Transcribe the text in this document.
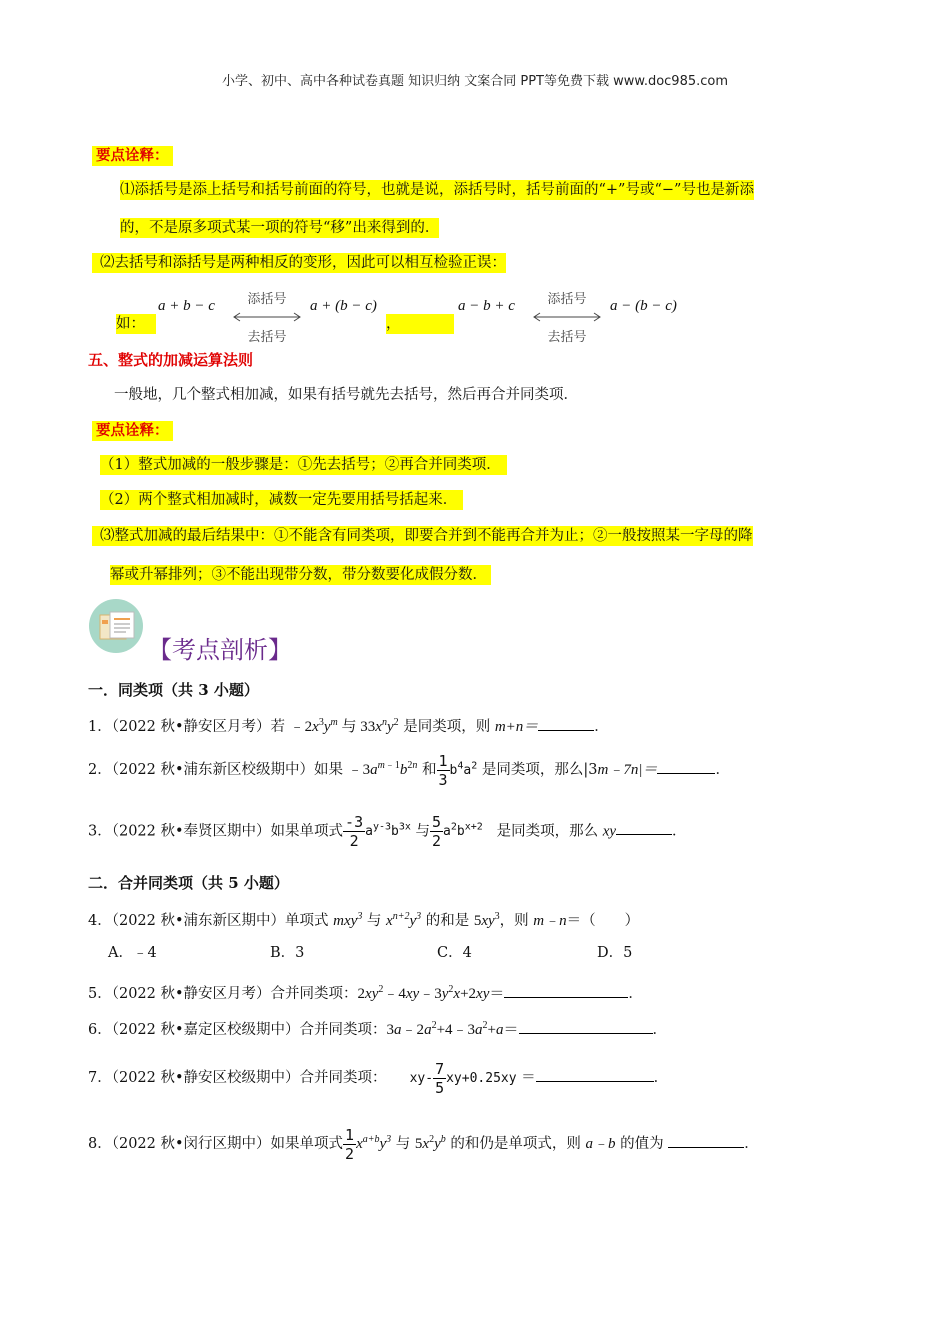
小学、初中、高中各种试卷真题 知识归纳 文案合同 PPT等免费下载 www.doc985.com
要点诠释：
⑴添括号是添上括号和括号前面的符号，也就是说，添括号时，括号前面的“+”号或“−”号也是新添
的，不是原多项式某一项的符号“移”出来得到的．
⑵去括号和添括号是两种相反的变形，因此可以相互检验正误：
如：
a + b − c	添括号
去括号
a + (b − c)
，
a − b + c	添括号
去括号
a − (b − c)
五、整式的加减运算法则
一般地，几个整式相加减，如果有括号就先去括号，然后再合并同类项．
要点诠释：
（1）整式加减的一般步骤是：①先去括号；②再合并同类项．
（2）两个整式相加减时，减数一定先要用括号括起来．
⑶整式加减的最后结果中：①不能含有同类项，即要合并到不能再合并为止；②一般按照某一字母的降
幂或升幂排列；③不能出现带分数，带分数要化成假分数．
【考点剖析】
一．同类项（共 3 小题）
1．（2022 秋•静安区月考）若 $﹣2x^3y^m$ 与 $33x^ny^2$ 是同类项，则 m+n＝	．
2．（2022 秋•浦东新区校级期中）如果 $﹣3a^{m﹣1}b^{2n}$ 和 $\frac{1}{3} b^4a^2$ 是同类项，那么|3m﹣7n|＝	．
3．（2022 秋•奉贤区期中）如果单项式 $\frac{-3}{2} a^{y-3}b^{3x}$ 与 $\frac{5}{2} a^2b^{x+2}$ 是同类项，那么 xy	．
二．合并同类项（共 5 小题）
4．（2022 秋•浦东新区期中）单项式 mxy$^3$ 与 $x^{n+2}y^3$ 的和是 $5xy^3$，则 m﹣n＝（　　）
A．﹣4	B．3	C．4	D．5
5．（2022 秋•静安区月考）合并同类项：$2xy^2﹣4xy﹣3y^2x+2xy=$	．
6．（2022 秋•嘉定区校级期中）合并同类项：$3a﹣2a^2+4﹣3a^2+a=$	．
7．（2022 秋•静安区校级期中）合并同类项： $xy- \frac{7}{5} xy+0.25xy$ ＝	．
8．（2022 秋•闵行区期中）如果单项式 $\frac{1}{2} x^{a+b}y^3$ 与 $5x^2y^b$ 的和仍是单项式，则 a﹣b 的值为	．
